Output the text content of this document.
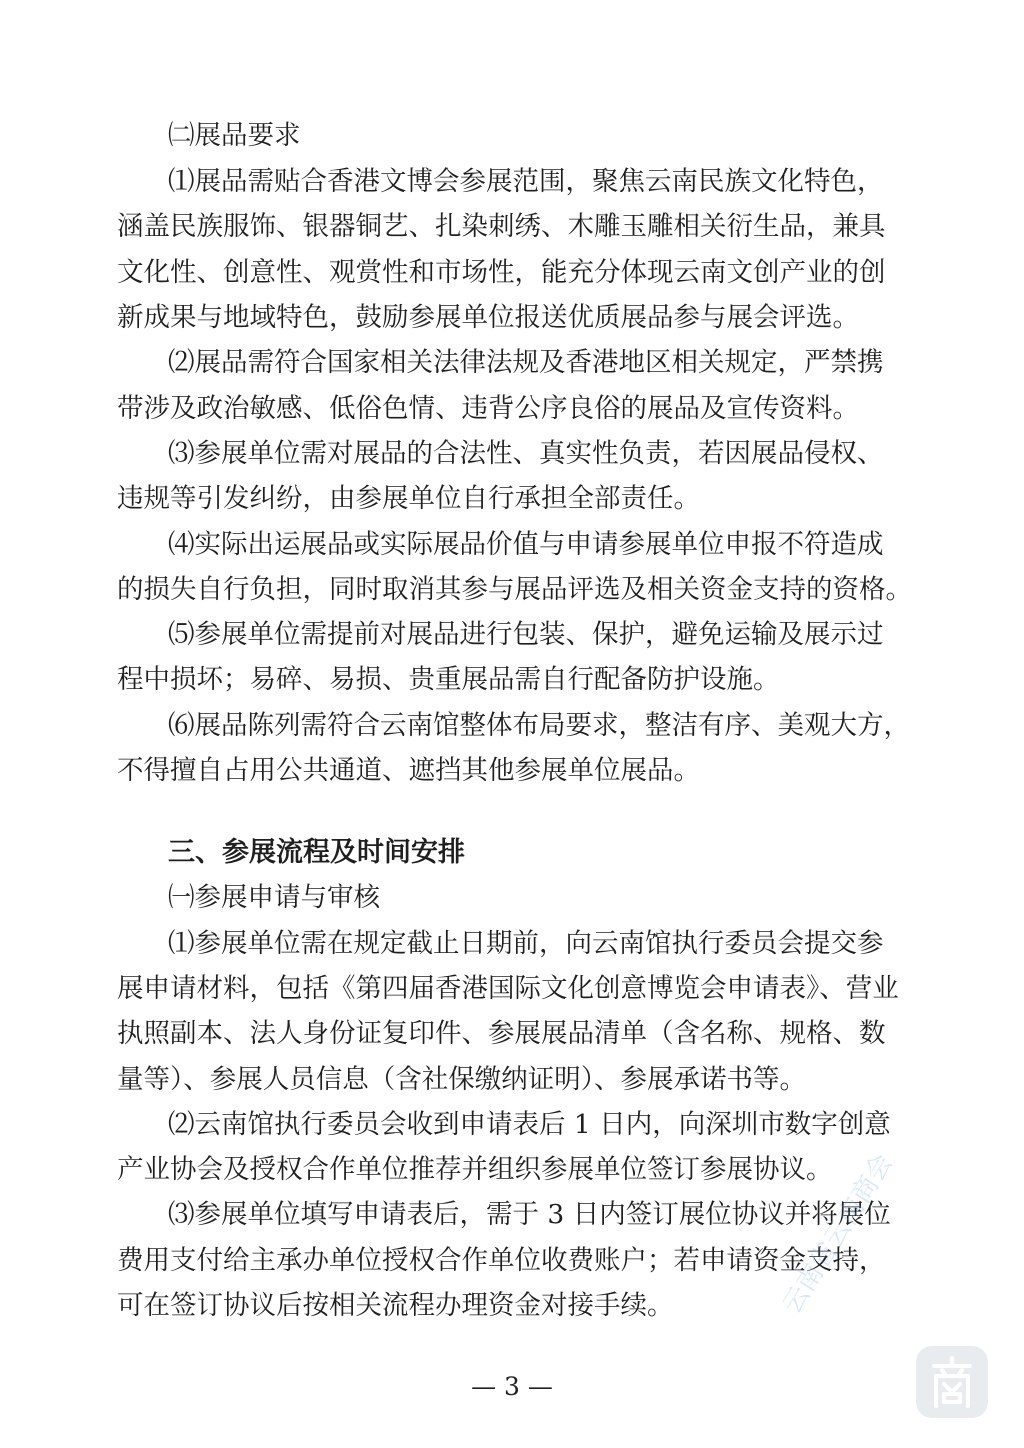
㈡展品要求
⑴展品需贴合香港文博会参展范围，聚焦云南民族文化特色，
涵盖民族服饰、银器铜艺、扎染刺绣、木雕玉雕相关衍生品，兼具
文化性、创意性、观赏性和市场性，能充分体现云南文创产业的创
新成果与地域特色，鼓励参展单位报送优质展品参与展会评选。
⑵展品需符合国家相关法律法规及香港地区相关规定，严禁携
带涉及政治敏感、低俗色情、违背公序良俗的展品及宣传资料。
⑶参展单位需对展品的合法性、真实性负责，若因展品侵权、
违规等引发纠纷，由参展单位自行承担全部责任。
⑷实际出运展品或实际展品价值与申请参展单位申报不符造成
的损失自行负担，同时取消其参与展品评选及相关资金支持的资格。
⑸参展单位需提前对展品进行包装、保护，避免运输及展示过
程中损坏；易碎、易损、贵重展品需自行配备防护设施。
⑹展品陈列需符合云南馆整体布局要求，整洁有序、美观大方，
不得擅自占用公共通道、遮挡其他参展单位展品。
三、参展流程及时间安排
㈠参展申请与审核
⑴参展单位需在规定截止日期前，向云南馆执行委员会提交参
展申请材料，包括《第四届香港国际文化创意博览会申请表》、营业
执照副本、法人身份证复印件、参展展品清单（含名称、规格、数
量等）、参展人员信息（含社保缴纳证明）、参展承诺书等。
⑵云南馆执行委员会收到申请表后 1 日内，向深圳市数字创意
产业协会及授权合作单位推荐并组织参展单位签订参展协议。
⑶参展单位填写申请表后，需于 3 日内签订展位协议并将展位
费用支付给主承办单位授权合作单位收费账户；若申请资金支持，
可在签订协议后按相关流程办理资金对接手续。	云南省云南商会
— 3 —
